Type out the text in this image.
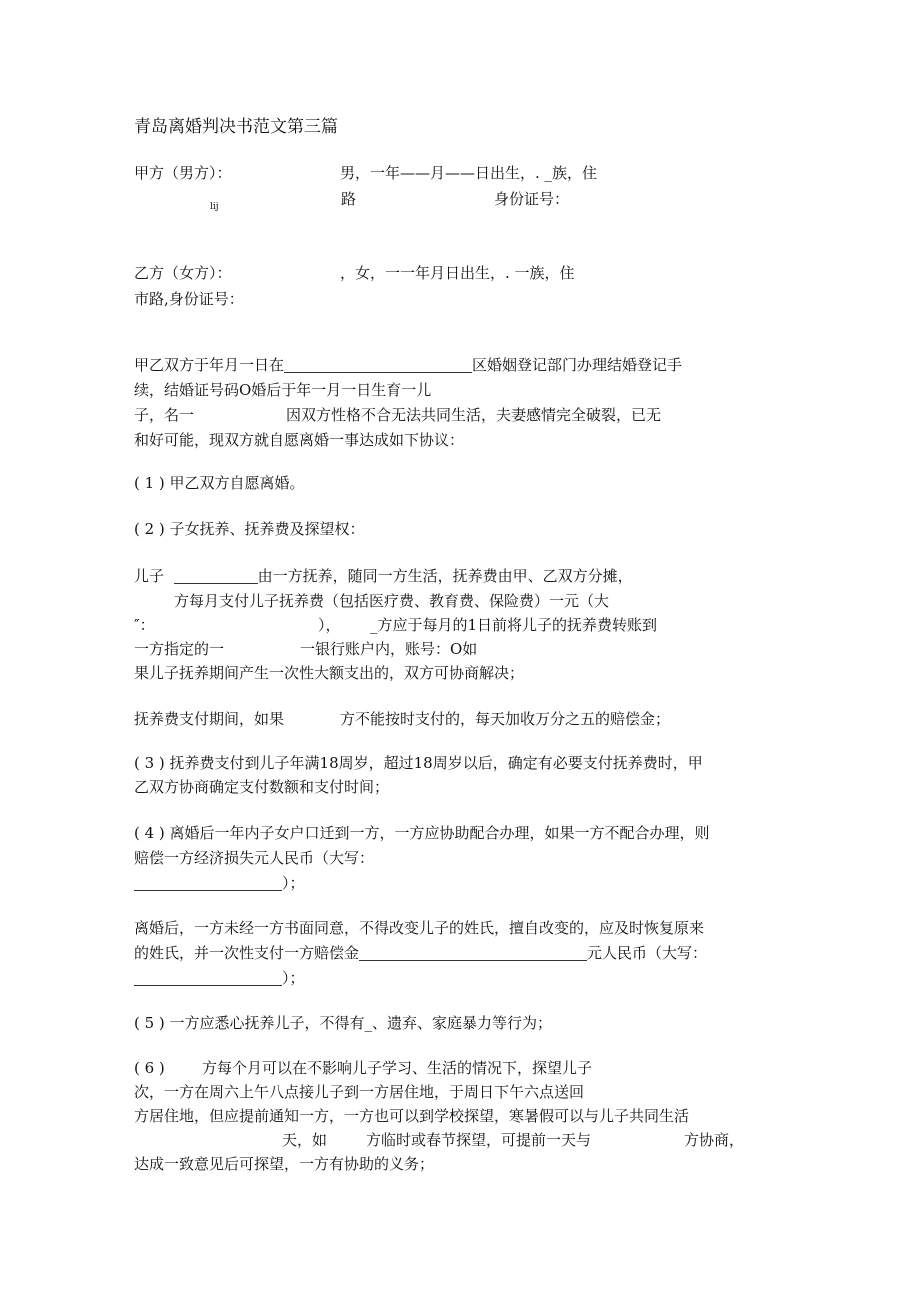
青岛离婚判决书范文第三篇
甲方（男方）：	男，一年——月——日出生，. _族，住
lij	路	身份证号：
乙方（女方）：	，女，一一年月日出生，. 一族，住
市路,身份证号：
甲乙双方于年月一日在	区婚姻登记部门办理结婚登记手
续，结婚证号码O婚后于年一月一日生育一儿
子，名一	因双方性格不合无法共同生活，夫妻感情完全破裂，已无
和好可能，现双方就自愿离婚一事达成如下协议：
( 1 ) 甲乙双方自愿离婚。
( 2 ) 子女抚养、抚养费及探望权：
儿子	由一方抚养，随同一方生活，抚养费由甲、乙双方分摊，
方每月支付儿子抚养费（包括医疗费、教育费、保险费）一元（大
″：	）， _方应于每月的1日前将儿子的抚养费转账到
一方指定的一	一银行账户内，账号：O如
果儿子抚养期间产生一次性大额支出的，双方可协商解决；
抚养费支付期间，如果	方不能按时支付的，每天加收万分之五的赔偿金；
( 3 ) 抚养费支付到儿子年满18周岁，超过18周岁以后，确定有必要支付抚养费时，甲
乙双方协商确定支付数额和支付时间；
( 4 ) 离婚后一年内子女户口迁到一方，一方应协助配合办理，如果一方不配合办理，则
赔偿一方经济损失元人民币（大写：
）；
离婚后，一方未经一方书面同意，不得改变儿子的姓氏，擅自改变的，应及时恢复原来
的姓氏，并一次性支付一方赔偿金	元人民币（大写：
）；
( 5 ) 一方应悉心抚养儿子，不得有_、遗弃、家庭暴力等行为；
( 6 ) 方每个月可以在不影响儿子学习、生活的情况下，探望儿子
次，一方在周六上午八点接儿子到一方居住地，于周日下午六点送回
方居住地，但应提前通知一方，一方也可以到学校探望，寒暑假可以与儿子共同生活
天，如	方临时或春节探望，可提前一天与	方协商，
达成一致意见后可探望，一方有协助的义务；
